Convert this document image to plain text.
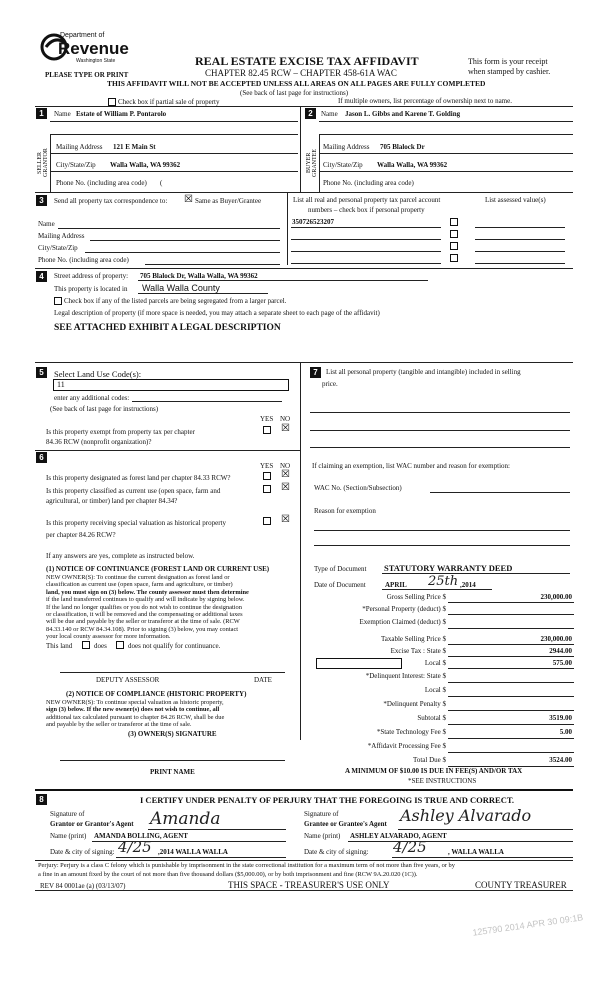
Department of
Revenue
Washington State
PLEASE TYPE OR PRINT
REAL ESTATE EXCISE TAX AFFIDAVIT
CHAPTER 82.45 RCW – CHAPTER 458-61A WAC
This form is your receipt
when stamped by cashier.
THIS AFFIDAVIT WILL NOT BE ACCEPTED UNLESS ALL AREAS ON ALL PAGES ARE FULLY COMPLETED
(See back of last page for instructions)
Check box if partial sale of property	If multiple owners, list percentage of ownership next to name.
1
SELLER GRANTOR
Name Estate of William P. Pontarolo
Mailing Address 121 E Main St
City/State/Zip Walla Walla, WA 99362
Phone No. (including area code) (
2
BUYER GRANTEE
Name Jason L. Gibbs and Karene T. Golding
Mailing Address 705 Blalock Dr
City/State/Zip Walla Walla, WA 99362
Phone No. (including area code)
3	Send all property tax correspondence to: ☒ Same as Buyer/Grantee
Name
Mailing Address
City/State/Zip
Phone No. (including area code)
List all real and personal property tax parcel account
numbers – check box if personal property
List assessed value(s)
350726523207
4	Street address of property: 705 Blalock Dr, Walla Walla, WA 99362
This property is located in Walla Walla County
Check box if any of the listed parcels are being segregated from a larger parcel.
Legal description of property (if more space is needed, you may attach a separate sheet to each page of the affidavit)
SEE ATTACHED EXHIBIT A LEGAL DESCRIPTION
5	Select Land Use Code(s):
11
enter any additional codes:
(See back of last page for instructions)
YES NO
Is this property exempt from property tax per chapter
84.36 RCW (nonprofit organization)?
☒
6
YES NO
Is this property designated as forest land per chapter 84.33 RCW?	☒
Is this property classified as current use (open space, farm and
agricultural, or timber) land per chapter 84.34?
☒
Is this property receiving special valuation as historical property
per chapter 84.26 RCW?
☒
If any answers are yes, complete as instructed below.
(1) NOTICE OF CONTINUANCE (FOREST LAND OR CURRENT USE)
NEW OWNER(S): To continue the current designation as forest land or
classification as current use (open space, farm and agriculture, or timber)
land, you must sign on (3) below. The county assessor must then determine
if the land transferred continues to qualify and will indicate by signing below.
If the land no longer qualifies or you do not wish to continue the designation
or classification, it will be removed and the compensating or additional taxes
will be due and payable by the seller or transferor at the time of sale. (RCW
84.33.140 or RCW 84.34.108). Prior to signing (3) below, you may contact
your local county assessor for more information.
This land	does	does not qualify for continuance.
DEPUTY ASSESSOR	DATE
(2) NOTICE OF COMPLIANCE (HISTORIC PROPERTY)
NEW OWNER(S): To continue special valuation as historic property,
sign (3) below. If the new owner(s) does not wish to continue, all
additional tax calculated pursuant to chapter 84.26 RCW, shall be due
and payable by the seller or transferor at the time of sale.
(3) OWNER(S) SIGNATURE
PRINT NAME
7	List all personal property (tangible and intangible) included in selling
price.
If claiming an exemption, list WAC number and reason for exemption:
WAC No. (Section/Subsection)
Reason for exemption
Type of Document STATUTORY WARRANTY DEED
Date of Document	APRIL 25th ,2014
Gross Selling Price $	230,000.00
*Personal Property (deduct) $
Exemption Claimed (deduct) $
Taxable Selling Price $	230,000.00
Excise Tax : State $	2944.00
Local $	575.00
*Delinquent Interest: State $
Local $
*Delinquent Penalty $
Subtotal $	3519.00
*State Technology Fee $	5.00
*Affidavit Processing Fee $
Total Due $	3524.00
A MINIMUM OF $10.00 IS DUE IN FEE(S) AND/OR TAX
*SEE INSTRUCTIONS
8	I CERTIFY UNDER PENALTY OF PERJURY THAT THE FOREGOING IS TRUE AND CORRECT.
Signature of
Grantor or Grantor's Agent Amanda
Name (print) AMANDA BOLLING, AGENT
Date & city of signing: 4/25 ,2014 WALLA WALLA
Signature of
Grantee or Grantee's Agent Ashley Alvarado
Name (print) ASHLEY ALVARADO, AGENT
Date & city of signing: 4/25	, WALLA WALLA
Perjury: Perjury is a class C felony which is punishable by imprisonment in the state correctional institution for a maximum term of not more than five years, or by
a fine in an amount fixed by the court of not more than five thousand dollars ($5,000.00), or by both imprisonment and fine (RCW 9A.20.020 (1C)).
REV 84 0001ae (a) (03/13/07)	THIS SPACE - TREASURER'S USE ONLY	COUNTY TREASURER
125790 2014 APR 30 09:1B
